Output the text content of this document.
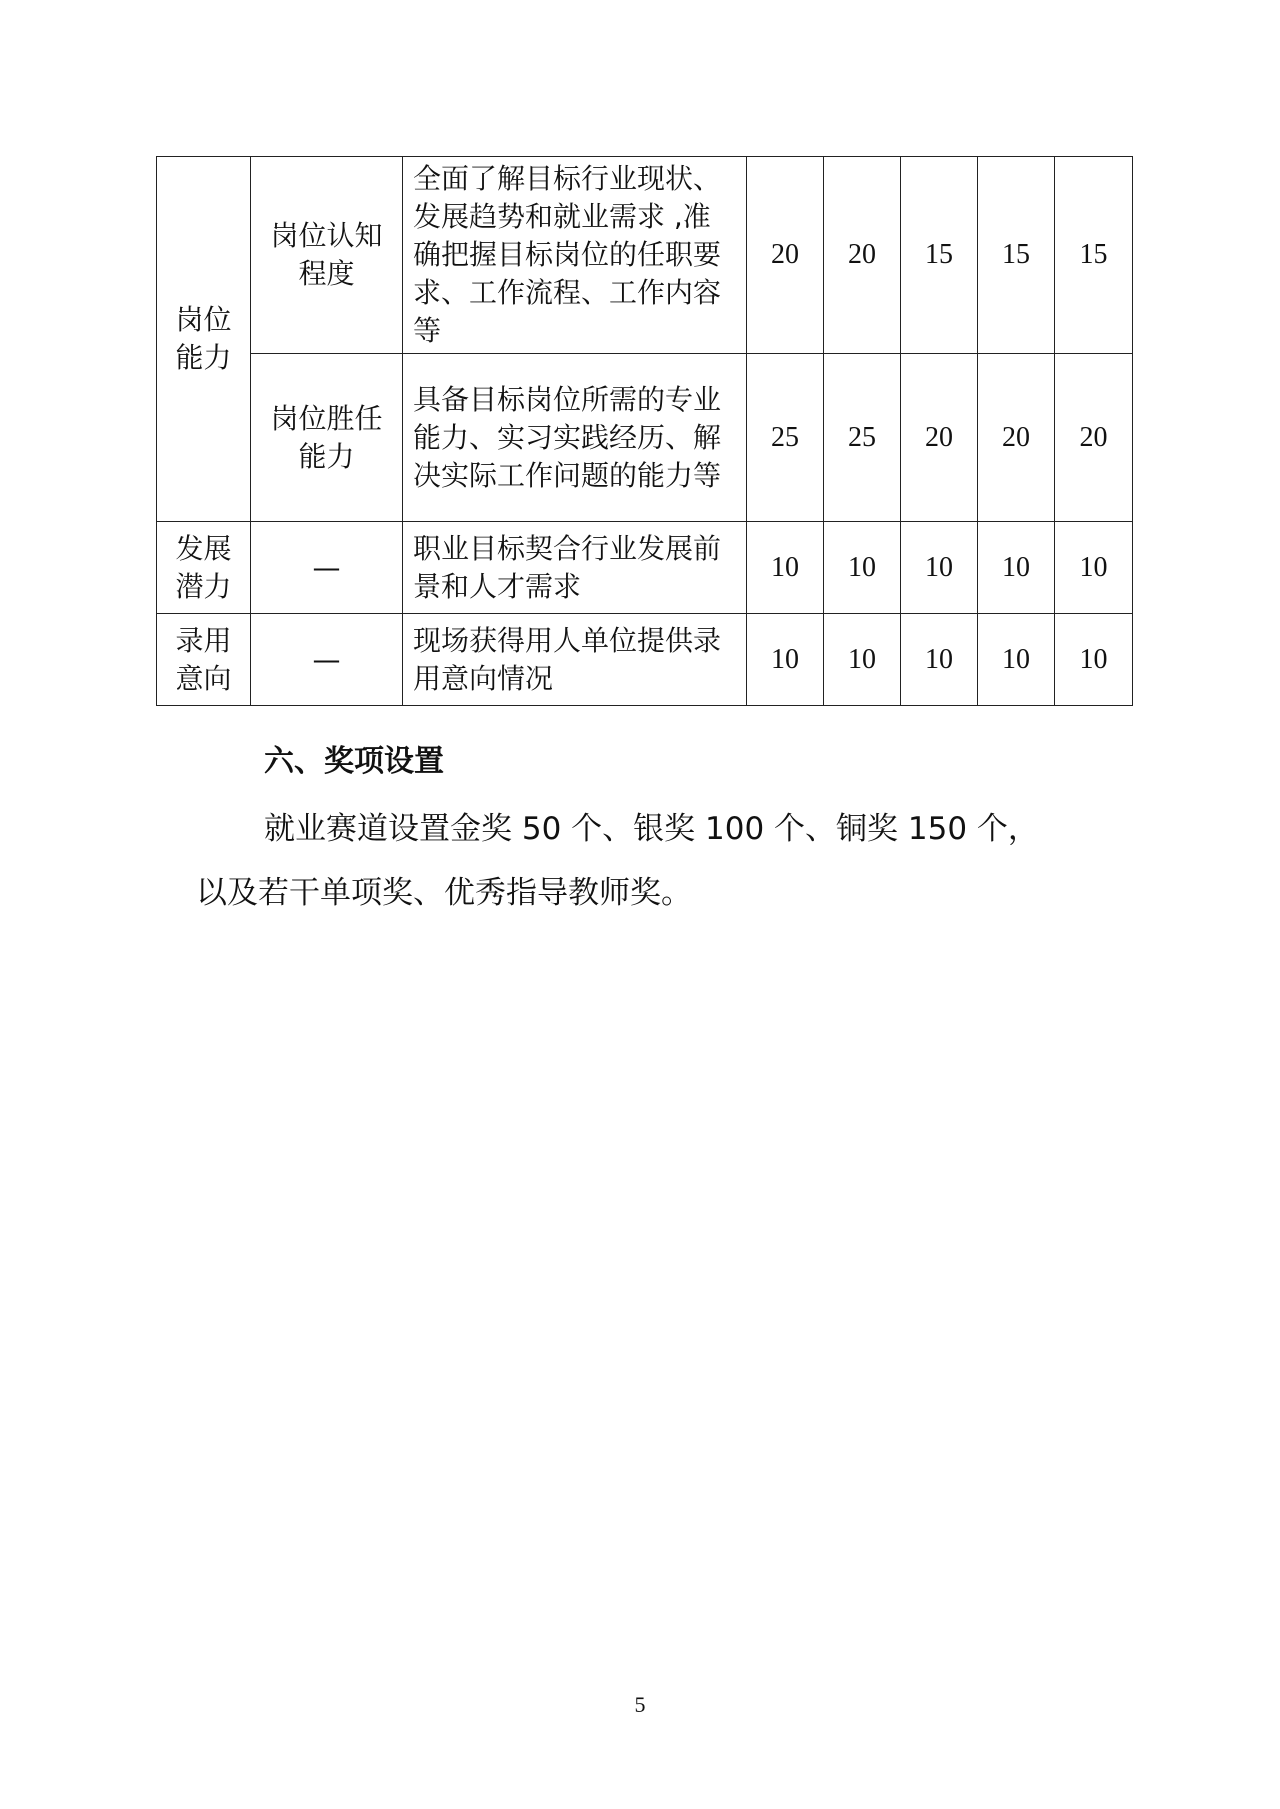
岗位能力	岗位认知程度	全面了解目标行业现状、发展趋势和就业需求 ,准确把握目标岗位的任职要求、工作流程、工作内容等	20	20	15	15	15
	岗位胜任能力	具备目标岗位所需的专业能力、实习实践经历、解决实际工作问题的能力等	25	25	20	20	20
发展潜力	—	职业目标契合行业发展前景和人才需求	10	10	10	10	10
录用意向	—	现场获得用人单位提供录用意向情况	10	10	10	10	10
六、奖项设置
就业赛道设置金奖 50 个、银奖 100 个、铜奖 150 个，
以及若干单项奖、优秀指导教师奖。
5
